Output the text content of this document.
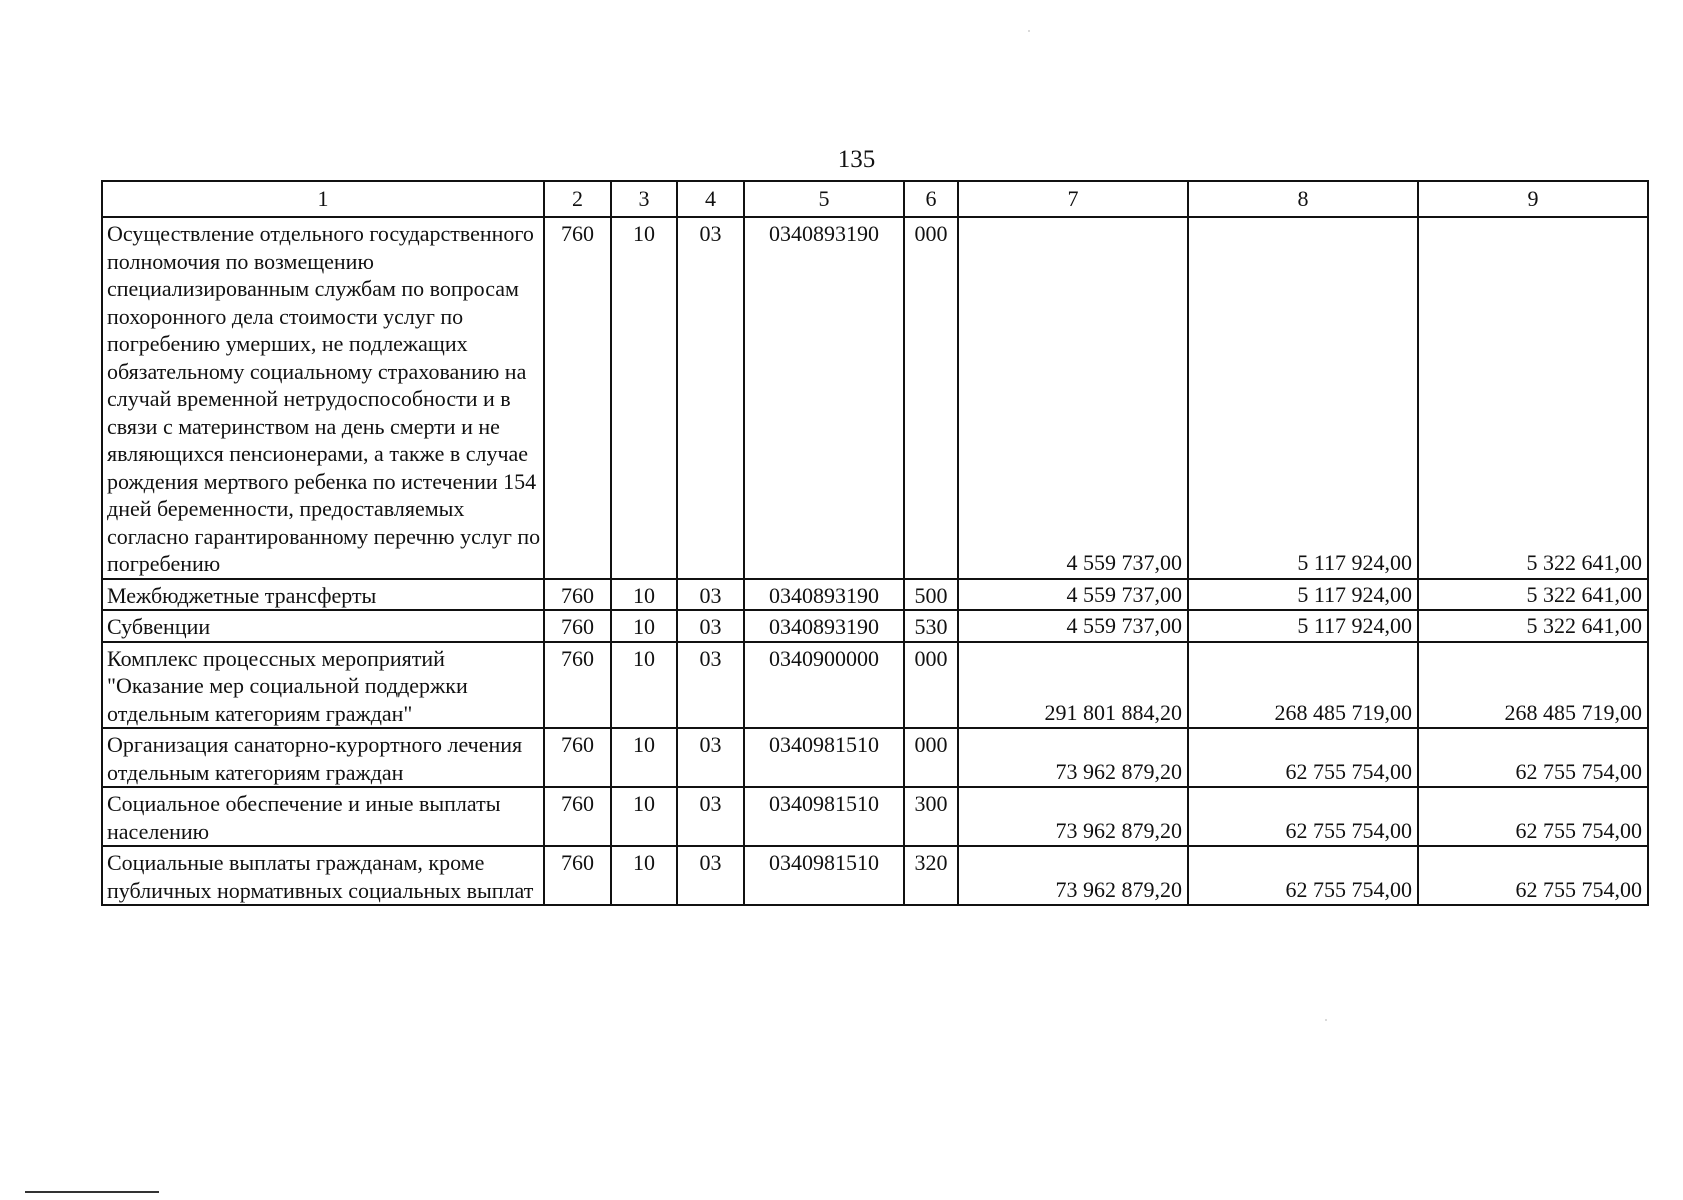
135
1	2	3	4	5	6	7	8	9
Осуществление отдельного государственного полномочия по возмещению специализированным службам по вопросам похоронного дела стоимости услуг по погребению умерших, не подлежащих обязательному социальному страхованию на случай временной нетрудоспособности и в связи с материнством на день смерти и не являющихся пенсионерами, а также в случае рождения мертвого ребенка по истечении 154 дней беременности, предоставляемых согласно гарантированному перечню услуг по погребению	760	10	03	0340893190	000	4 559 737,00	5 117 924,00	5 322 641,00
Межбюджетные трансферты	760	10	03	0340893190	500	4 559 737,00	5 117 924,00	5 322 641,00
Субвенции	760	10	03	0340893190	530	4 559 737,00	5 117 924,00	5 322 641,00
Комплекс процессных мероприятий "Оказание мер социальной поддержки отдельным категориям граждан"	760	10	03	0340900000	000	291 801 884,20	268 485 719,00	268 485 719,00
Организация санаторно-курортного лечения отдельным категориям граждан	760	10	03	0340981510	000	73 962 879,20	62 755 754,00	62 755 754,00
Социальное обеспечение и иные выплаты населению	760	10	03	0340981510	300	73 962 879,20	62 755 754,00	62 755 754,00
Социальные выплаты гражданам, кроме публичных нормативных социальных выплат	760	10	03	0340981510	320	73 962 879,20	62 755 754,00	62 755 754,00
